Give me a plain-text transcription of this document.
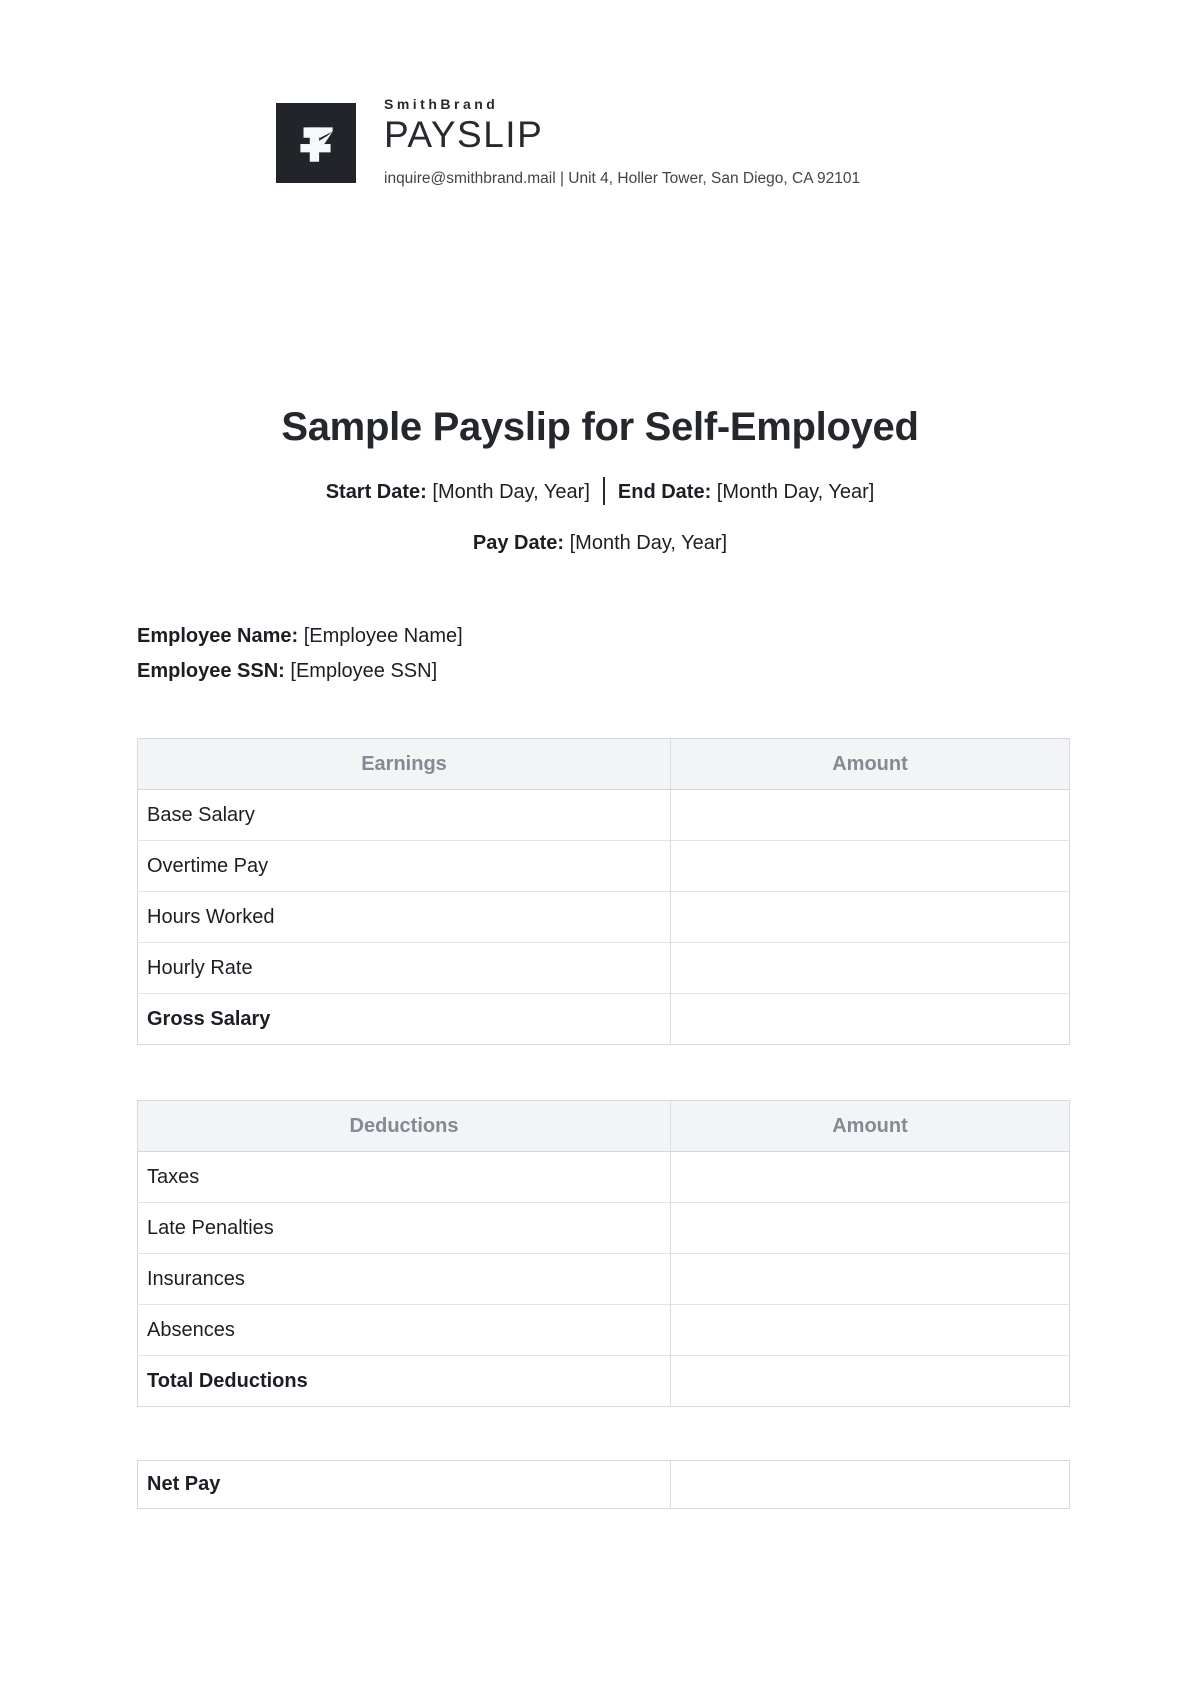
SmithBrand
PAYSLIP
inquire@smithbrand.mail | Unit 4, Holler Tower, San Diego, CA 92101
Sample Payslip for Self-Employed
Start Date: [Month Day, Year] End Date: [Month Day, Year]
Pay Date: [Month Day, Year]
Employee Name: [Employee Name]
Employee SSN: [Employee SSN]
Earnings	Amount
Base Salary	
Overtime Pay	
Hours Worked	
Hourly Rate	
Gross Salary	
Deductions	Amount
Taxes	
Late Penalties	
Insurances	
Absences	
Total Deductions	
Net Pay	
